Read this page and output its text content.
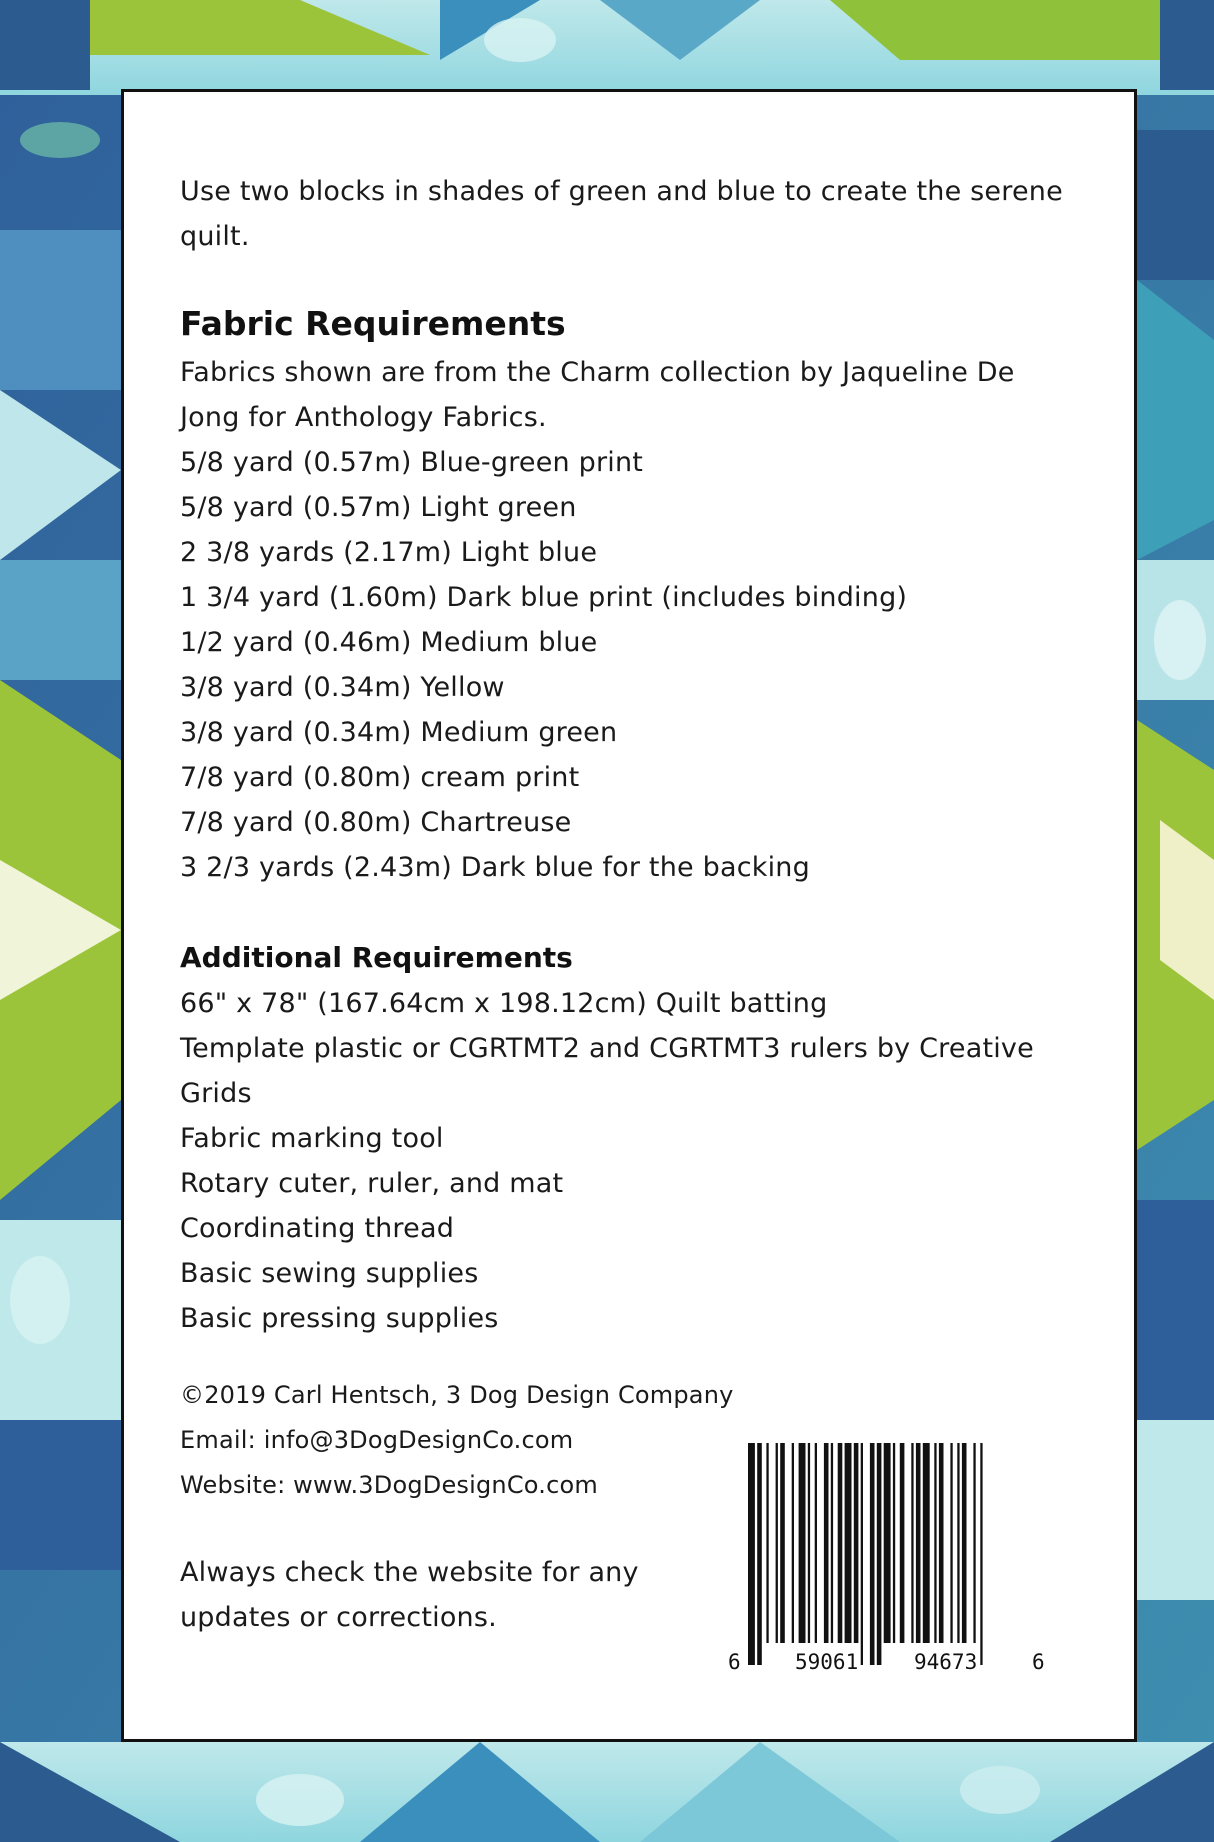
Use two blocks in shades of green and blue to create the serene
quilt.
Fabric Requirements
Fabrics shown are from the Charm collection by Jaqueline De
Jong for Anthology Fabrics.
5/8 yard (0.57m) Blue-green print
5/8 yard (0.57m) Light green
2 3/8 yards (2.17m) Light blue
1 3/4 yard (1.60m) Dark blue print (includes binding)
1/2 yard (0.46m) Medium blue
3/8 yard (0.34m) Yellow
3/8 yard (0.34m) Medium green
7/8 yard (0.80m) cream print
7/8 yard (0.80m) Chartreuse
3 2/3 yards (2.43m) Dark blue for the backing
Additional Requirements
66" x 78" (167.64cm x 198.12cm) Quilt batting
Template plastic or CGRTMT2 and CGRTMT3 rulers by Creative
Grids
Fabric marking tool
Rotary cuter, ruler, and mat
Coordinating thread
Basic sewing supplies
Basic pressing supplies
©2019 Carl Hentsch, 3 Dog Design Company
Email: info@3DogDesignCo.com
Website: www.3DogDesignCo.com
Always check the website for any
updates or corrections.
6	59061	94673	6
